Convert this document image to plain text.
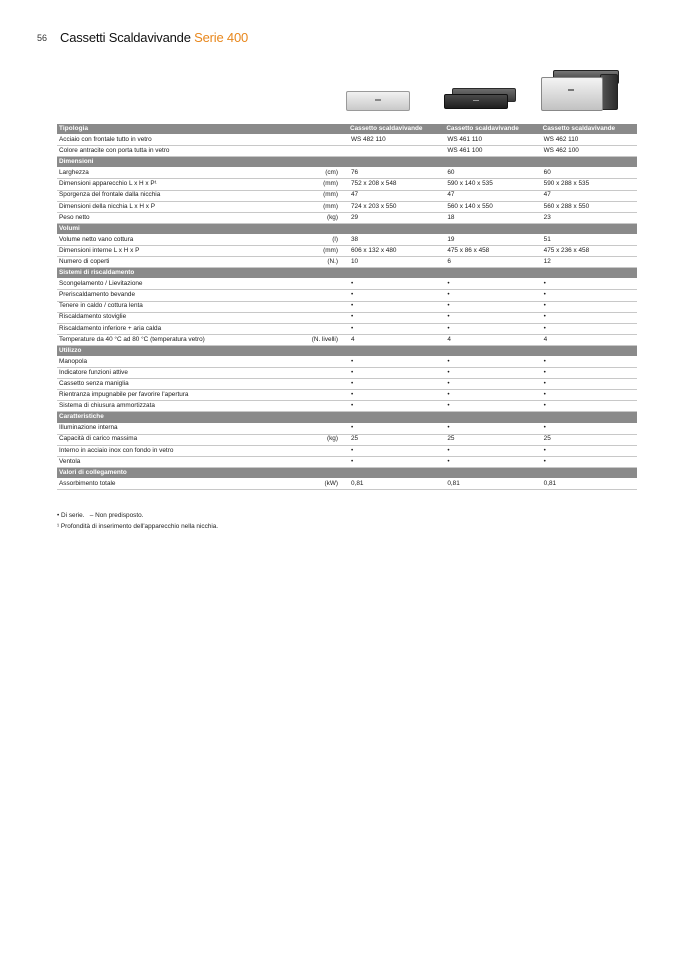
56 Cassetti Scaldavivande Serie 400
Tipologia		Cassetto scaldavivande	Cassetto scaldavivande	Cassetto scaldavivande
Acciaio con frontale tutto in vetro		WS 482 110	WS 461 110	WS 462 110
Colore antracite con porta tutta in vetro			WS 461 100	WS 462 100
Dimensioni				
Larghezza	(cm)	76	60	60
Dimensioni apparecchio L x H x P¹	(mm)	752 x 208 x 548	590 x 140 x 535	590 x 288 x 535
Sporgenza del frontale dalla nicchia	(mm)	47	47	47
Dimensioni della nicchia L x H x P	(mm)	724 x 203 x 550	560 x 140 x 550	560 x 288 x 550
Peso netto	(kg)	29	18	23
Volumi				
Volume netto vano cottura	(l)	38	19	51
Dimensioni interne L x H x P	(mm)	606 x 132 x 480	475 x 86 x 458	475 x 236 x 458
Numero di coperti	(N.)	10	6	12
Sistemi di riscaldamento				
Scongelamento / Lievitazione		•	•	•
Preriscaldamento bevande		•	•	•
Tenere in caldo / cottura lenta		•	•	•
Riscaldamento stoviglie		•	•	•
Riscaldamento inferiore + aria calda		•	•	•
Temperature da 40 °C ad 80 °C (temperatura vetro)	(N. livelli)	4	4	4
Utilizzo				
Manopola		•	•	•
Indicatore funzioni attive		•	•	•
Cassetto senza maniglia		•	•	•
Rientranza impugnabile per favorire l'apertura		•	•	•
Sistema di chiusura ammortizzata		•	•	•
Caratteristiche				
Illuminazione interna		•	•	•
Capacità di carico massima	(kg)	25	25	25
Interno in acciaio inox con fondo in vetro		•	•	•
Ventola		•	•	•
Valori di collegamento				
Assorbimento totale	(kW)	0,81	0,81	0,81
• Di serie.   – Non predisposto.
¹ Profondità di inserimento dell'apparecchio nella nicchia.
